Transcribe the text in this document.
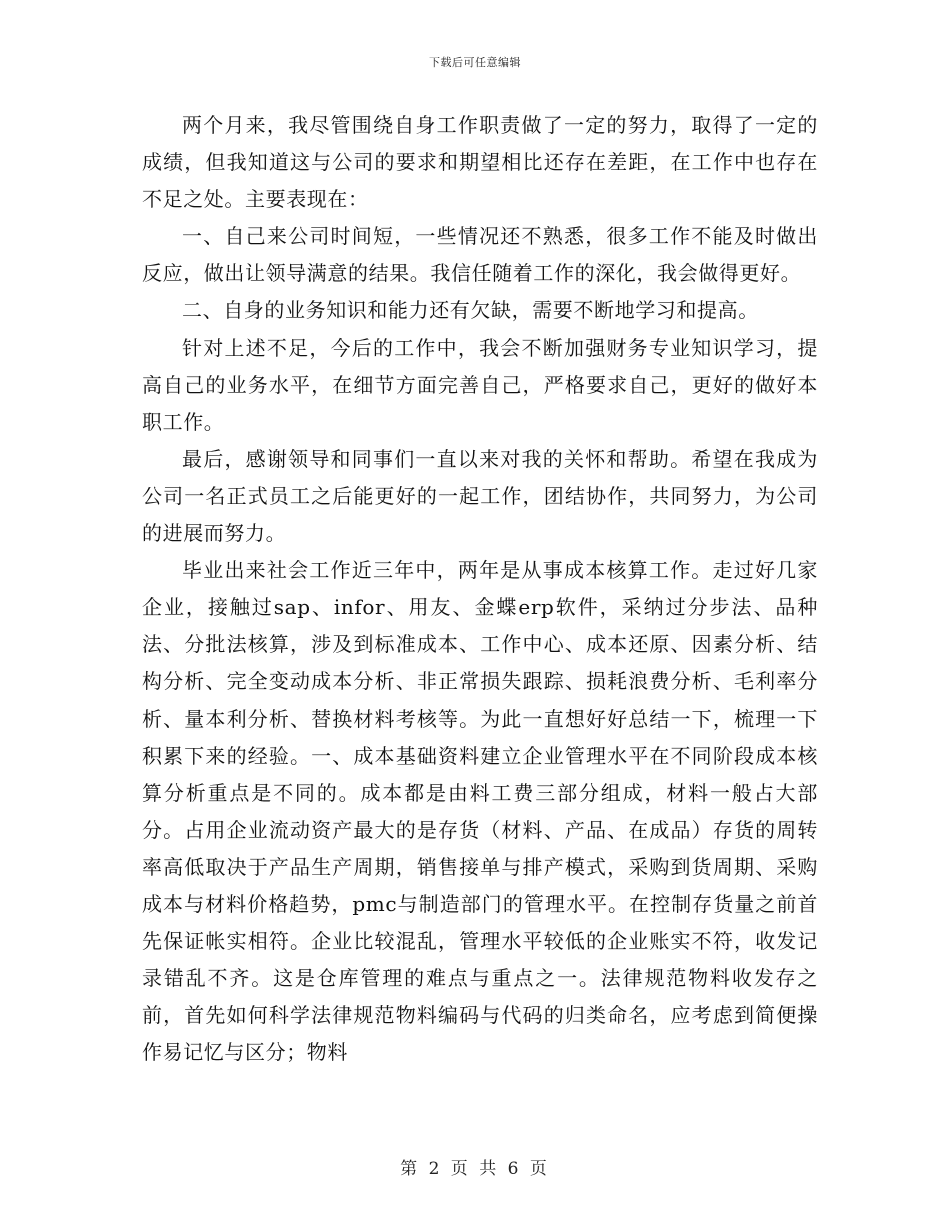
下载后可任意编辑

两个月来，我尽管围绕自身工作职责做了一定的努力，取得了一定的成绩，但我知道这与公司的要求和期望相比还存在差距，在工作中也存在不足之处。主要表现在：

一、自己来公司时间短，一些情况还不熟悉，很多工作不能及时做出反应，做出让领导满意的结果。我信任随着工作的深化，我会做得更好。

二、自身的业务知识和能力还有欠缺，需要不断地学习和提高。

针对上述不足，今后的工作中，我会不断加强财务专业知识学习，提高自己的业务水平，在细节方面完善自己，严格要求自己，更好的做好本职工作。

最后，感谢领导和同事们一直以来对我的关怀和帮助。希望在我成为公司一名正式员工之后能更好的一起工作，团结协作，共同努力，为公司的进展而努力。

毕业出来社会工作近三年中，两年是从事成本核算工作。走过好几家企业，接触过sap、infor、用友、金蝶erp软件，采纳过分步法、品种法、分批法核算，涉及到标准成本、工作中心、成本还原、因素分析、结构分析、完全变动成本分析、非正常损失跟踪、损耗浪费分析、毛利率分析、量本利分析、替换材料考核等。为此一直想好好总结一下，梳理一下积累下来的经验。一、成本基础资料建立企业管理水平在不同阶段成本核算分析重点是不同的。成本都是由料工费三部分组成，材料一般占大部分。占用企业流动资产最大的是存货（材料、产品、在成品）存货的周转率高低取决于产品生产周期，销售接单与排产模式，采购到货周期、采购成本与材料价格趋势，pmc与制造部门的管理水平。在控制存货量之前首先保证帐实相符。企业比较混乱，管理水平较低的企业账实不符，收发记录错乱不齐。这是仓库管理的难点与重点之一。法律规范物料收发存之前，首先如何科学法律规范物料编码与代码的归类命名，应考虑到简便操作易记忆与区分；物料

第 2 页 共 6 页
